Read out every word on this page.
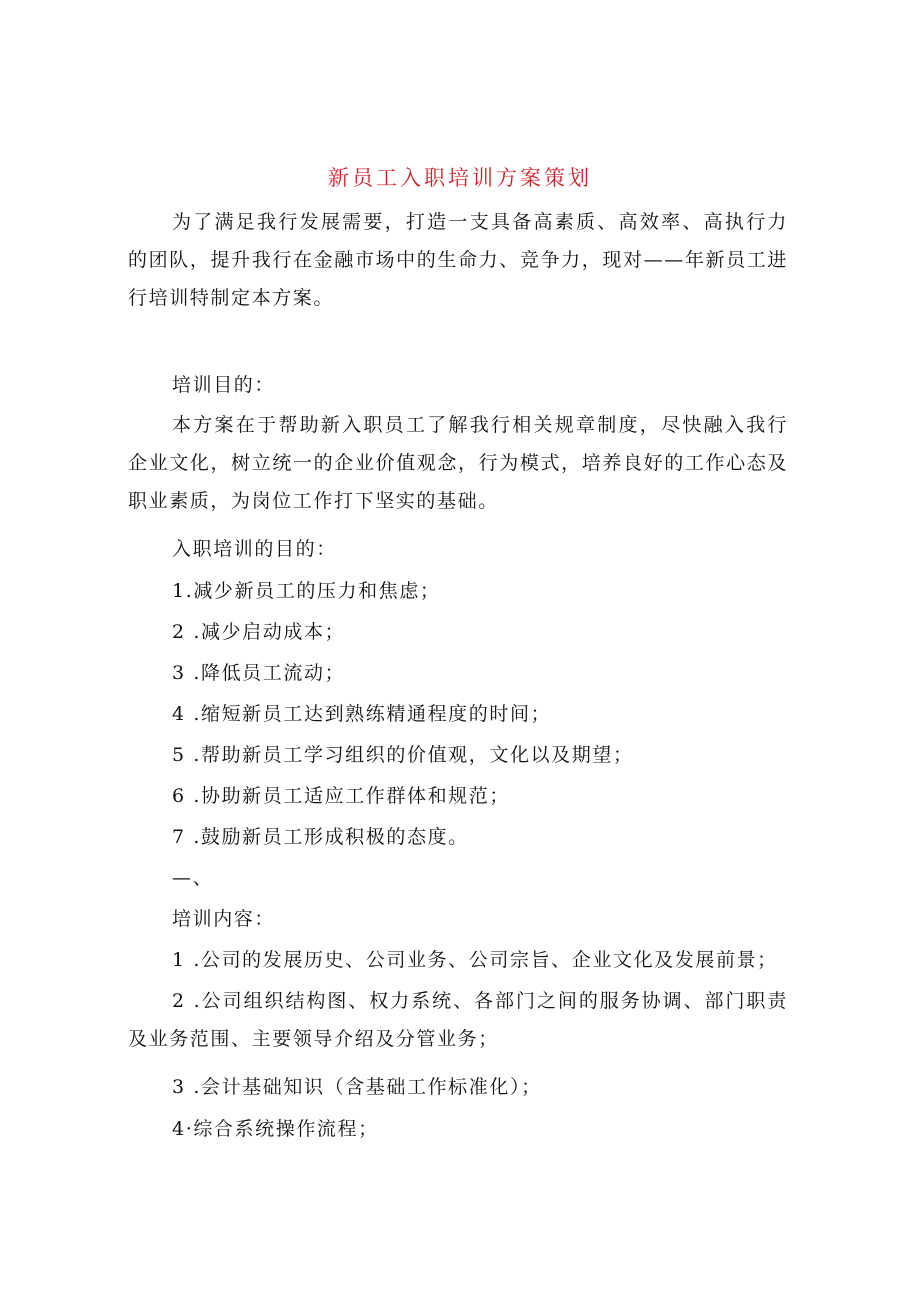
新员工入职培训方案策划

为了满足我行发展需要，打造一支具备高素质、高效率、高执行力的团队，提升我行在金融市场中的生命力、竞争力，现对——年新员工进行培训特制定本方案。

培训目的：

本方案在于帮助新入职员工了解我行相关规章制度，尽快融入我行企业文化，树立统一的企业价值观念，行为模式，培养良好的工作心态及职业素质，为岗位工作打下坚实的基础。

入职培训的目的：

1.减少新员工的压力和焦虑；

2 .减少启动成本；

3 .降低员工流动；

4 .缩短新员工达到熟练精通程度的时间；

5 .帮助新员工学习组织的价值观，文化以及期望；

6 .协助新员工适应工作群体和规范；

7 .鼓励新员工形成积极的态度。

—、

培训内容：

1 .公司的发展历史、公司业务、公司宗旨、企业文化及发展前景；

2 .公司组织结构图、权力系统、各部门之间的服务协调、部门职责及业务范围、主要领导介绍及分管业务；

3 .会计基础知识（含基础工作标准化）；

4·综合系统操作流程；
